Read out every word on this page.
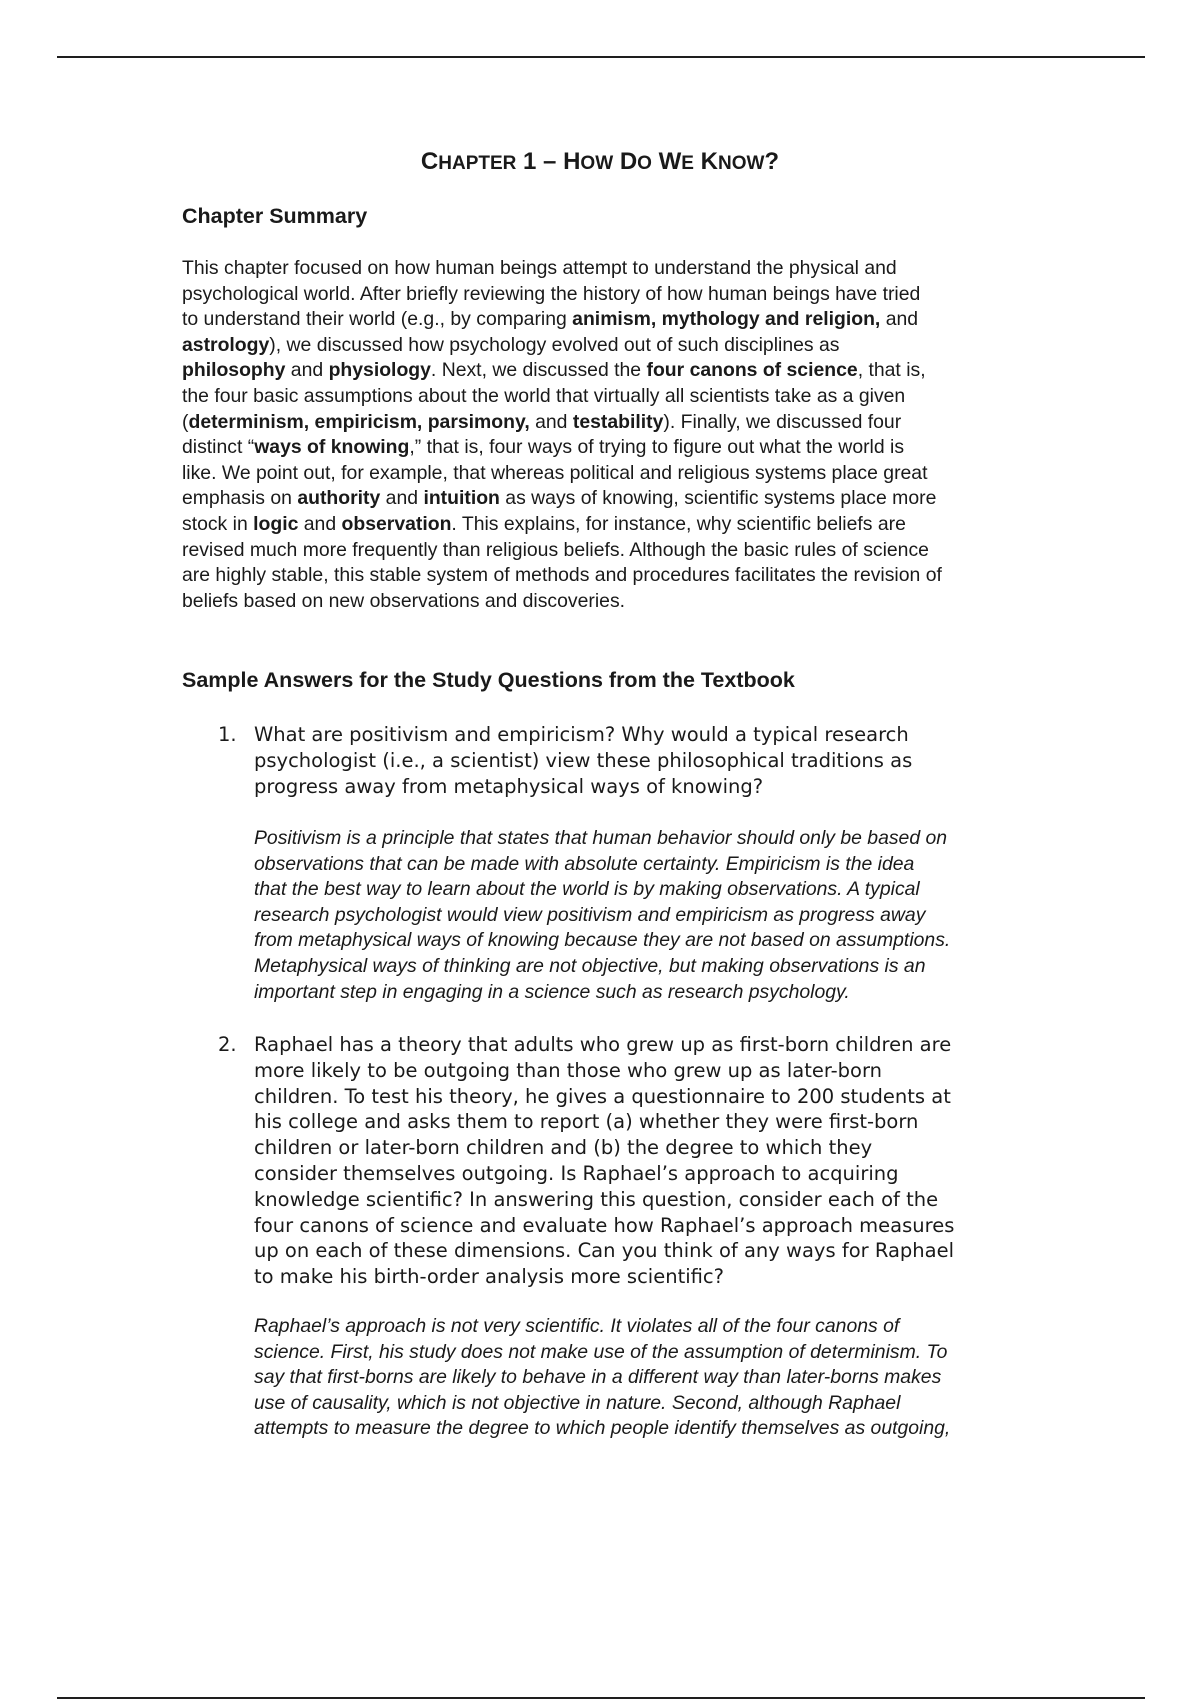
CHAPTER 1 – HOW DO WE KNOW?
Chapter Summary
This chapter focused on how human beings attempt to understand the physical and
psychological world. After briefly reviewing the history of how human beings have tried
to understand their world (e.g., by comparing animism, mythology and religion, and
astrology), we discussed how psychology evolved out of such disciplines as
philosophy and physiology. Next, we discussed the four canons of science, that is,
the four basic assumptions about the world that virtually all scientists take as a given
(determinism, empiricism, parsimony, and testability). Finally, we discussed four
distinct “ways of knowing,” that is, four ways of trying to figure out what the world is
like. We point out, for example, that whereas political and religious systems place great
emphasis on authority and intuition as ways of knowing, scientific systems place more
stock in logic and observation. This explains, for instance, why scientific beliefs are
revised much more frequently than religious beliefs. Although the basic rules of science
are highly stable, this stable system of methods and procedures facilitates the revision of
beliefs based on new observations and discoveries.
Sample Answers for the Study Questions from the Textbook
1. What are positivism and empiricism? Why would a typical research
psychologist (i.e., a scientist) view these philosophical traditions as
progress away from metaphysical ways of knowing?
Positivism is a principle that states that human behavior should only be based on
observations that can be made with absolute certainty. Empiricism is the idea
that the best way to learn about the world is by making observations. A typical
research psychologist would view positivism and empiricism as progress away
from metaphysical ways of knowing because they are not based on assumptions.
Metaphysical ways of thinking are not objective, but making observations is an
important step in engaging in a science such as research psychology.
2. Raphael has a theory that adults who grew up as first-born children are
more likely to be outgoing than those who grew up as later-born
children. To test his theory, he gives a questionnaire to 200 students at
his college and asks them to report (a) whether they were first-born
children or later-born children and (b) the degree to which they
consider themselves outgoing. Is Raphael’s approach to acquiring
knowledge scientific? In answering this question, consider each of the
four canons of science and evaluate how Raphael’s approach measures
up on each of these dimensions. Can you think of any ways for Raphael
to make his birth-order analysis more scientific?
Raphael’s approach is not very scientific. It violates all of the four canons of
science. First, his study does not make use of the assumption of determinism. To
say that first-borns are likely to behave in a different way than later-borns makes
use of causality, which is not objective in nature. Second, although Raphael
attempts to measure the degree to which people identify themselves as outgoing,
